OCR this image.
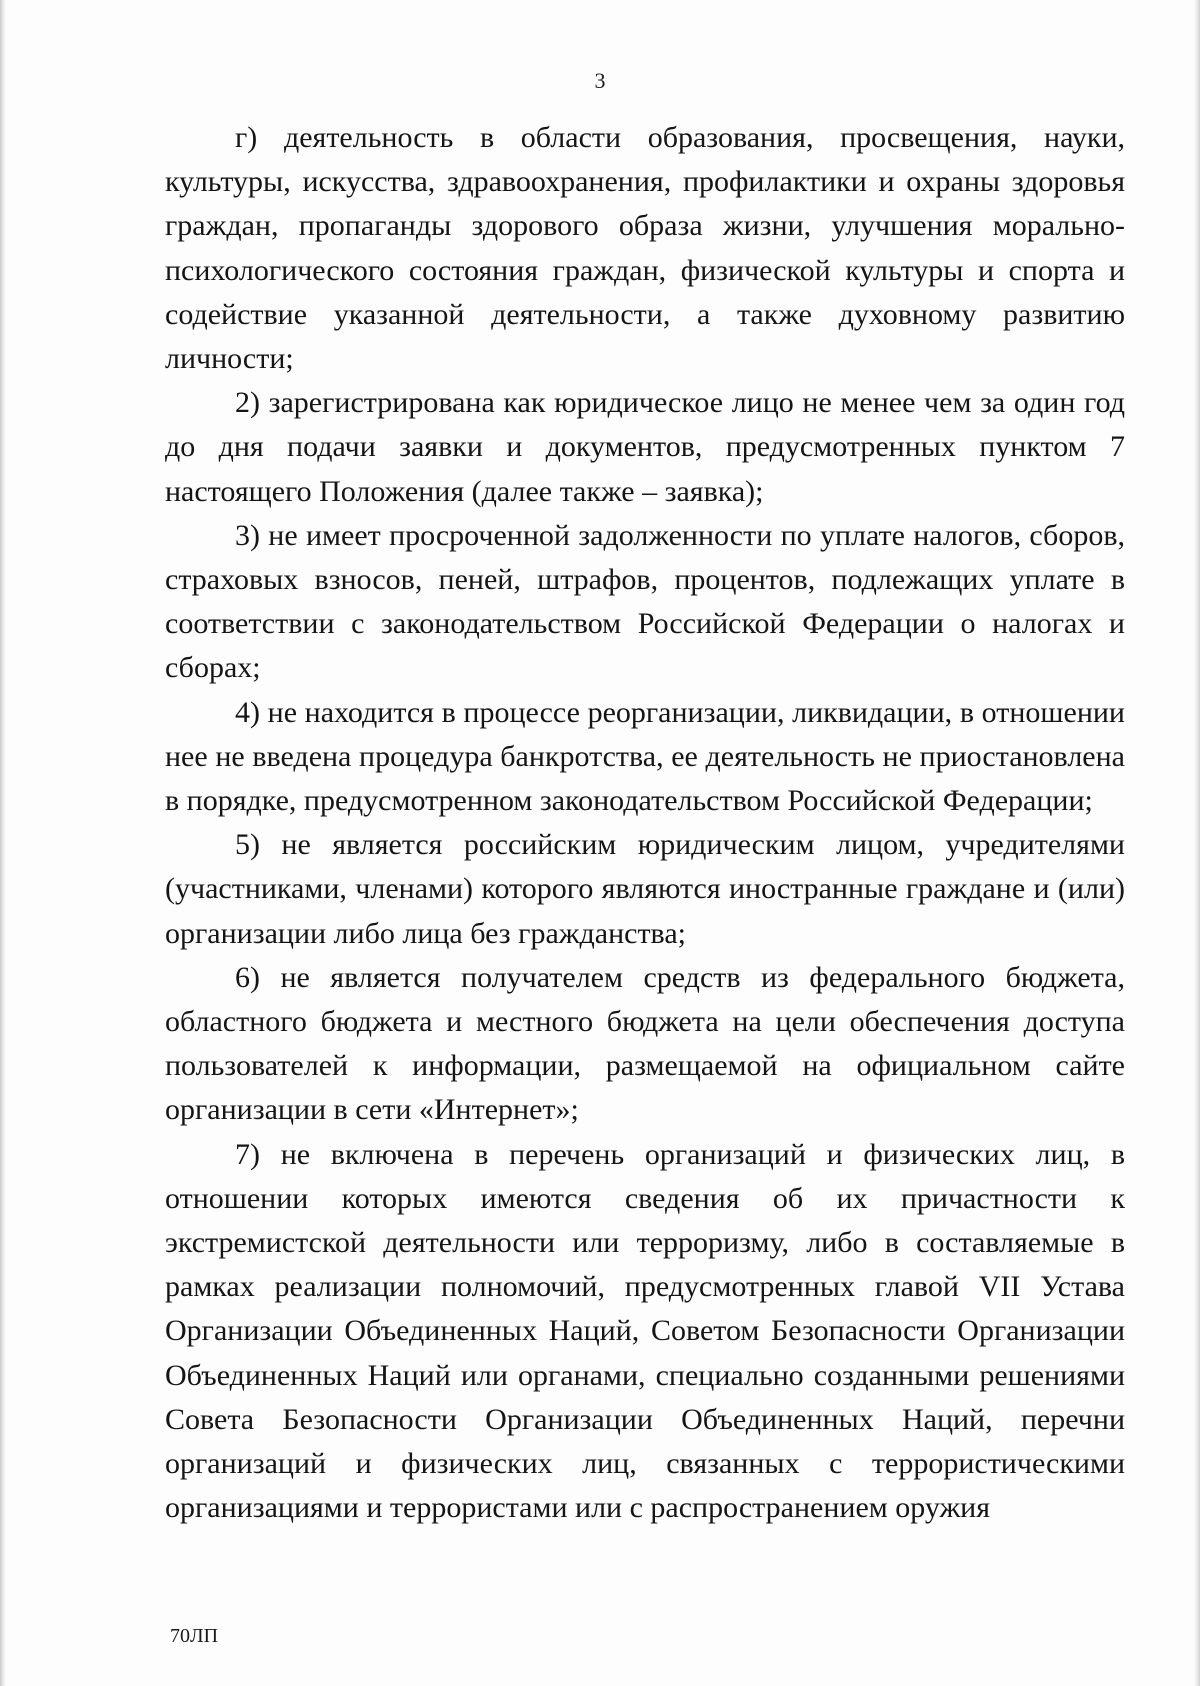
3

г) деятельность в области образования, просвещения, науки, культуры, искусства, здравоохранения, профилактики и охраны здоровья граждан, пропаганды здорового образа жизни, улучшения морально-психологического состояния граждан, физической культуры и спорта и содействие указанной деятельности, а также духовному развитию личности;

2) зарегистрирована как юридическое лицо не менее чем за один год до дня подачи заявки и документов, предусмотренных пунктом 7 настоящего Положения (далее также – заявка);

3) не имеет просроченной задолженности по уплате налогов, сборов, страховых взносов, пеней, штрафов, процентов, подлежащих уплате в соответствии с законодательством Российской Федерации о налогах и сборах;

4) не находится в процессе реорганизации, ликвидации, в отношении нее не введена процедура банкротства, ее деятельность не приостановлена в порядке, предусмотренном законодательством Российской Федерации;

5) не является российским юридическим лицом, учредителями (участниками, членами) которого являются иностранные граждане и (или) организации либо лица без гражданства;

6) не является получателем средств из федерального бюджета, областного бюджета и местного бюджета на цели обеспечения доступа пользователей к информации, размещаемой на официальном сайте организации в сети «Интернет»;

7) не включена в перечень организаций и физических лиц, в отношении которых имеются сведения об их причастности к экстремистской деятельности или терроризму, либо в составляемые в рамках реализации полномочий, предусмотренных главой VII Устава Организации Объединенных Наций, Советом Безопасности Организации Объединенных Наций или органами, специально созданными решениями Совета Безопасности Организации Объединенных Наций, перечни организаций и физических лиц, связанных с террористическими организациями и террористами или с распространением оружия

70ЛП
